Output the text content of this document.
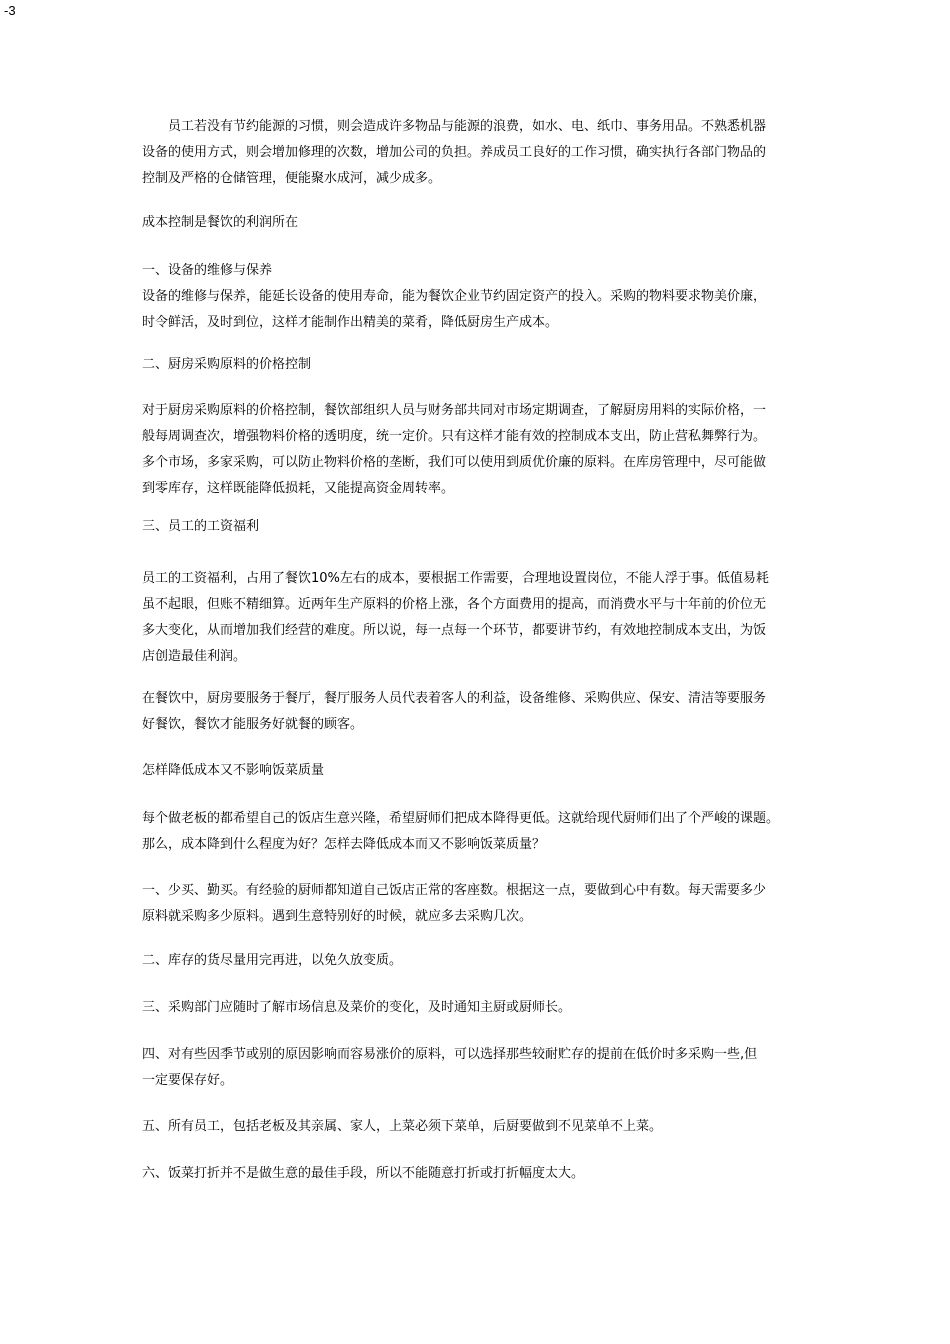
-3
员工若没有节约能源的习惯，则会造成许多物品与能源的浪费，如水、电、纸巾、事务用品。不熟悉机器
设备的使用方式，则会增加修理的次数，增加公司的负担。养成员工良好的工作习惯，确实执行各部门物品的
控制及严格的仓储管理，便能聚水成河，减少成多。
成本控制是餐饮的利润所在
一、设备的维修与保养
设备的维修与保养，能延长设备的使用寿命，能为餐饮企业节约固定资产的投入。采购的物料要求物美价廉，
时令鲜活，及时到位，这样才能制作出精美的菜肴，降低厨房生产成本。
二、厨房采购原料的价格控制
对于厨房采购原料的价格控制，餐饮部组织人员与财务部共同对市场定期调查，了解厨房用料的实际价格，一
般每周调查次，增强物料价格的透明度，统一定价。只有这样才能有效的控制成本支出，防止营私舞弊行为。
多个市场，多家采购，可以防止物料价格的垄断，我们可以使用到质优价廉的原料。在库房管理中，尽可能做
到零库存，这样既能降低损耗，又能提高资金周转率。
三、员工的工资福利
员工的工资福利，占用了餐饮10%左右的成本，要根据工作需要，合理地设置岗位，不能人浮于事。低值易耗
虽不起眼，但账不精细算。近两年生产原料的价格上涨，各个方面费用的提高，而消费水平与十年前的价位无
多大变化，从而增加我们经营的难度。所以说，每一点每一个环节，都要讲节约，有效地控制成本支出，为饭
店创造最佳利润。
在餐饮中，厨房要服务于餐厅，餐厅服务人员代表着客人的利益，设备维修、采购供应、保安、清洁等要服务
好餐饮，餐饮才能服务好就餐的顾客。
怎样降低成本又不影响饭菜质量
每个做老板的都希望自己的饭店生意兴隆，希望厨师们把成本降得更低。这就给现代厨师们出了个严峻的课题。
那么，成本降到什么程度为好？怎样去降低成本而又不影响饭菜质量？
一、少买、勤买。有经验的厨师都知道自己饭店正常的客座数。根据这一点，要做到心中有数。每天需要多少
原料就采购多少原料。遇到生意特别好的时候，就应多去采购几次。
二、库存的货尽量用完再进，以免久放变质。
三、采购部门应随时了解市场信息及菜价的变化，及时通知主厨或厨师长。
四、对有些因季节或别的原因影响而容易涨价的原料，可以选择那些较耐贮存的提前在低价时多采购一些,但
一定要保存好。
五、所有员工，包括老板及其亲属、家人，上菜必须下菜单，后厨要做到不见菜单不上菜。
六、饭菜打折并不是做生意的最佳手段，所以不能随意打折或打折幅度太大。
